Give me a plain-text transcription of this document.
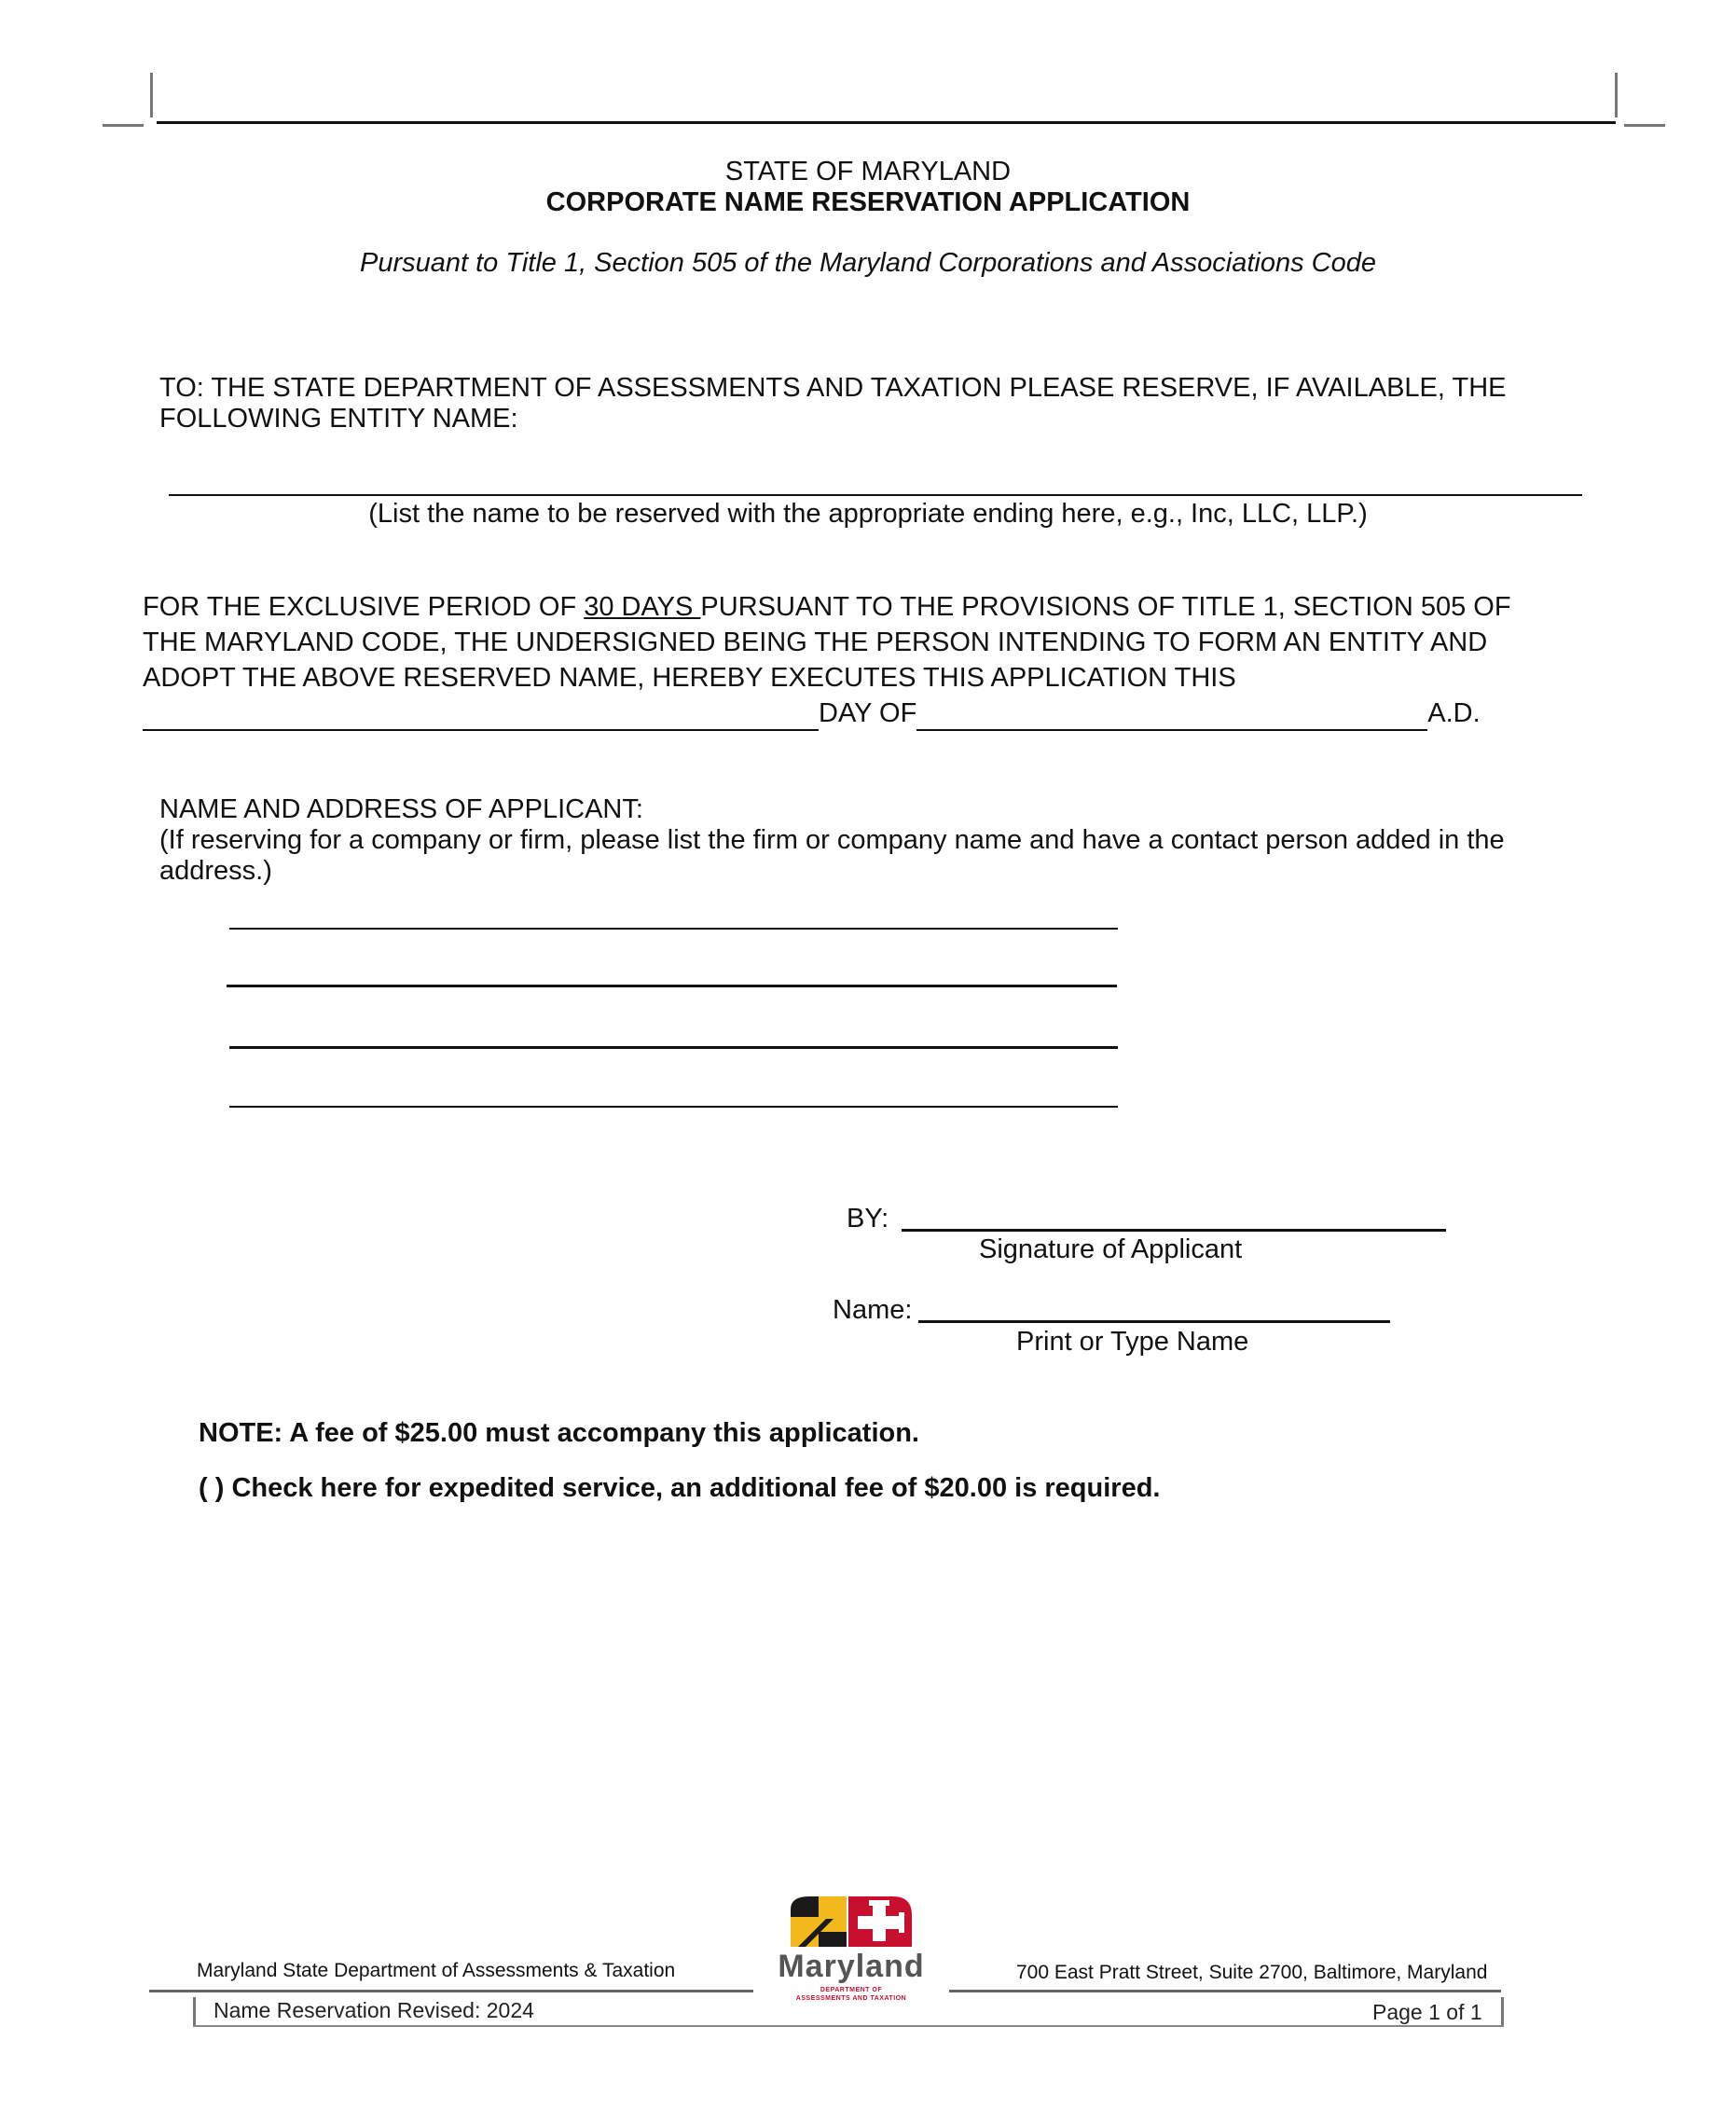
STATE OF MARYLAND
CORPORATE NAME RESERVATION APPLICATION
Pursuant to Title 1, Section 505 of the Maryland Corporations and Associations Code
TO: THE STATE DEPARTMENT OF ASSESSMENTS AND TAXATION PLEASE RESERVE, IF AVAILABLE, THE
FOLLOWING ENTITY NAME:
(List the name to be reserved with the appropriate ending here, e.g., Inc, LLC, LLP.)
FOR THE EXCLUSIVE PERIOD OF 30 DAYS PURSUANT TO THE PROVISIONS OF TITLE 1, SECTION 505 OF
THE MARYLAND CODE, THE UNDERSIGNED BEING THE PERSON INTENDING TO FORM AN ENTITY AND
ADOPT THE ABOVE RESERVED NAME, HEREBY EXECUTES THIS APPLICATION THIS
DAY OF	A.D.
NAME AND ADDRESS OF APPLICANT:
(If reserving for a company or firm, please list the firm or company name and have a contact person added in the
address.)
BY:
Signature of Applicant
Name:
Print or Type Name
NOTE: A fee of $25.00 must accompany this application.
( ) Check here for expedited service, an additional fee of $20.00 is required.
Maryland State Department of Assessments & Taxation	Maryland
DEPARTMENT OF
ASSESSMENTS AND TAXATION
700 East Pratt Street, Suite 2700, Baltimore, Maryland
Name Reservation Revised: 2024	Page 1 of 1
